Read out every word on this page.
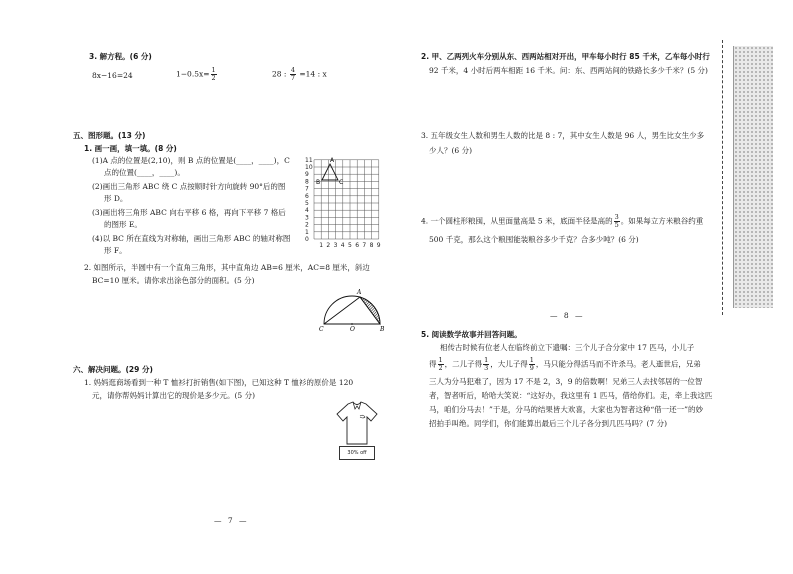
3. 解方程。(6 分)
8x−16=24	$1-0.5x= \frac{1}{2}$	28 : $\frac{4}{7} =14$ : x
五、图形题。(13 分)
1. 画一画，填一填。(8 分)
(1)A 点的位置是(2,10)，则 B 点的位置是(____，____)，C
点的位置(____，____)。
(2)画出三角形 ABC 绕 C 点按顺时针方向旋转 90°后的图
形 D。
(3)画出将三角形 ABC 向右平移 6 格，再向下平移 7 格后
的图形 E。
(4)以 BC 所在直线为对称轴，画出三角形 ABC 的轴对称图
形 F。
11
10
9
8
7
6
5
4
3
2
1
0
1 2 3 4 5 6 7 8 9
A
B	C
2. 如图所示，半圆中有一个直角三角形，其中直角边 AB=6 厘米，AC=8 厘米，斜边
BC=10 厘米。请你求出涂色部分的面积。(5 分)
A
C	O	B
六、解决问题。(29 分)
1. 妈妈逛商场看到一种 T 恤衫打折销售(如下图)，已知这种 T 恤衫的原价是 120
元，请你帮妈妈计算出它的现价是多少元。(5 分)
30% off
— 7 —
2. 甲、乙两列火车分别从东、西两站相对开出，甲车每小时行 85 千米，乙车每小时行
92 千米，4 小时后两车相距 16 千米。问：东、西两站间的铁路长多少千米？(5 分)
3. 五年级女生人数和男生人数的比是 8 : 7，其中女生人数是 96 人，男生比女生少多
少人？(6 分)
4. 一个圆柱形粮囤，从里面量高是 5 米，底面半径是高的 $\frac{3}{5}$ 。如果每立方米粮谷约重
500 千克，那么这个粮囤能装粮谷多少千克？合多少吨？(6 分)
5. 阅读数学故事并回答问题。
相传古时候有位老人在临终前立下遗嘱：三个儿子合分家中 17 匹马，小儿子
得 $\frac{1}{2}$ ，二儿子得 $\frac{1}{3}$ ，大儿子得 $\frac{1}{9}$ ，马只能分得活马而不许杀马。老人逝世后，兄弟
三人为分马犯难了，因为 17 不是 2，3，9 的倍数啊！兄弟三人去找邻居的一位智
者，智者听后，哈哈大笑说：“这好办，我这里有 1 匹马，借给你们。走，牵上我这匹
马，咱们分马去！”于是，分马的结果皆大欢喜，大家也为智者这种“借一还一”的妙
招拍手叫绝。同学们，你们能算出最后三个儿子各分到几匹马吗？(7 分)
— 8 —
